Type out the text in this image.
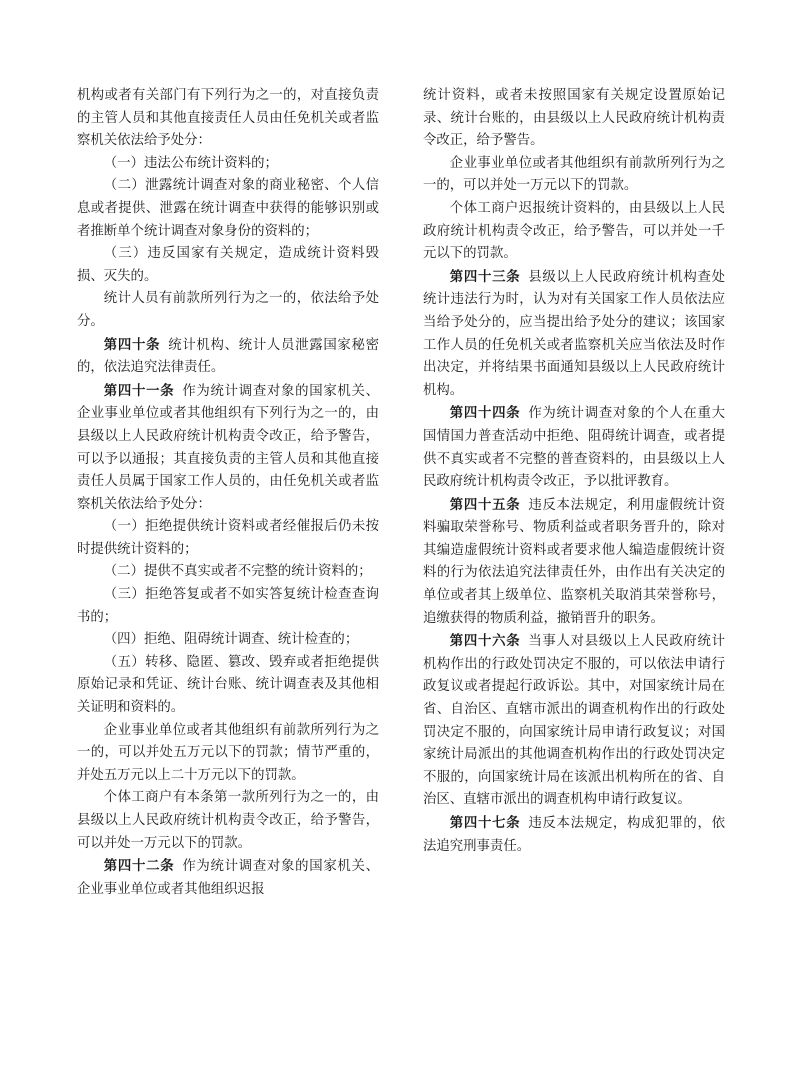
机构或者有关部门有下列行为之一的，对直接负责的主管人员和其他直接责任人员由任免机关或者监察机关依法给予处分：

（一）违法公布统计资料的；

（二）泄露统计调查对象的商业秘密、个人信息或者提供、泄露在统计调查中获得的能够识别或者推断单个统计调查对象身份的资料的；

（三）违反国家有关规定，造成统计资料毁损、灭失的。

统计人员有前款所列行为之一的，依法给予处分。

第四十条 统计机构、统计人员泄露国家秘密的，依法追究法律责任。

第四十一条 作为统计调查对象的国家机关、企业事业单位或者其他组织有下列行为之一的，由县级以上人民政府统计机构责令改正，给予警告，可以予以通报；其直接负责的主管人员和其他直接责任人员属于国家工作人员的，由任免机关或者监察机关依法给予处分：

（一）拒绝提供统计资料或者经催报后仍未按时提供统计资料的；

（二）提供不真实或者不完整的统计资料的；

（三）拒绝答复或者不如实答复统计检查查询书的；

（四）拒绝、阻碍统计调查、统计检查的；

（五）转移、隐匿、篡改、毁弃或者拒绝提供原始记录和凭证、统计台账、统计调查表及其他相关证明和资料的。

企业事业单位或者其他组织有前款所列行为之一的，可以并处五万元以下的罚款；情节严重的，并处五万元以上二十万元以下的罚款。

个体工商户有本条第一款所列行为之一的，由县级以上人民政府统计机构责令改正，给予警告，可以并处一万元以下的罚款。

第四十二条 作为统计调查对象的国家机关、企业事业单位或者其他组织迟报

统计资料，或者未按照国家有关规定设置原始记录、统计台账的，由县级以上人民政府统计机构责令改正，给予警告。

企业事业单位或者其他组织有前款所列行为之一的，可以并处一万元以下的罚款。

个体工商户迟报统计资料的，由县级以上人民政府统计机构责令改正，给予警告，可以并处一千元以下的罚款。

第四十三条 县级以上人民政府统计机构查处统计违法行为时，认为对有关国家工作人员依法应当给予处分的，应当提出给予处分的建议；该国家工作人员的任免机关或者监察机关应当依法及时作出决定，并将结果书面通知县级以上人民政府统计机构。

第四十四条 作为统计调查对象的个人在重大国情国力普查活动中拒绝、阻碍统计调查，或者提供不真实或者不完整的普查资料的，由县级以上人民政府统计机构责令改正，予以批评教育。

第四十五条 违反本法规定，利用虚假统计资料骗取荣誉称号、物质利益或者职务晋升的，除对其编造虚假统计资料或者要求他人编造虚假统计资料的行为依法追究法律责任外，由作出有关决定的单位或者其上级单位、监察机关取消其荣誉称号，追缴获得的物质利益，撤销晋升的职务。

第四十六条 当事人对县级以上人民政府统计机构作出的行政处罚决定不服的，可以依法申请行政复议或者提起行政诉讼。其中，对国家统计局在省、自治区、直辖市派出的调查机构作出的行政处罚决定不服的，向国家统计局申请行政复议；对国家统计局派出的其他调查机构作出的行政处罚决定不服的，向国家统计局在该派出机构所在的省、自治区、直辖市派出的调查机构申请行政复议。

第四十七条 违反本法规定，构成犯罪的，依法追究刑事责任。
